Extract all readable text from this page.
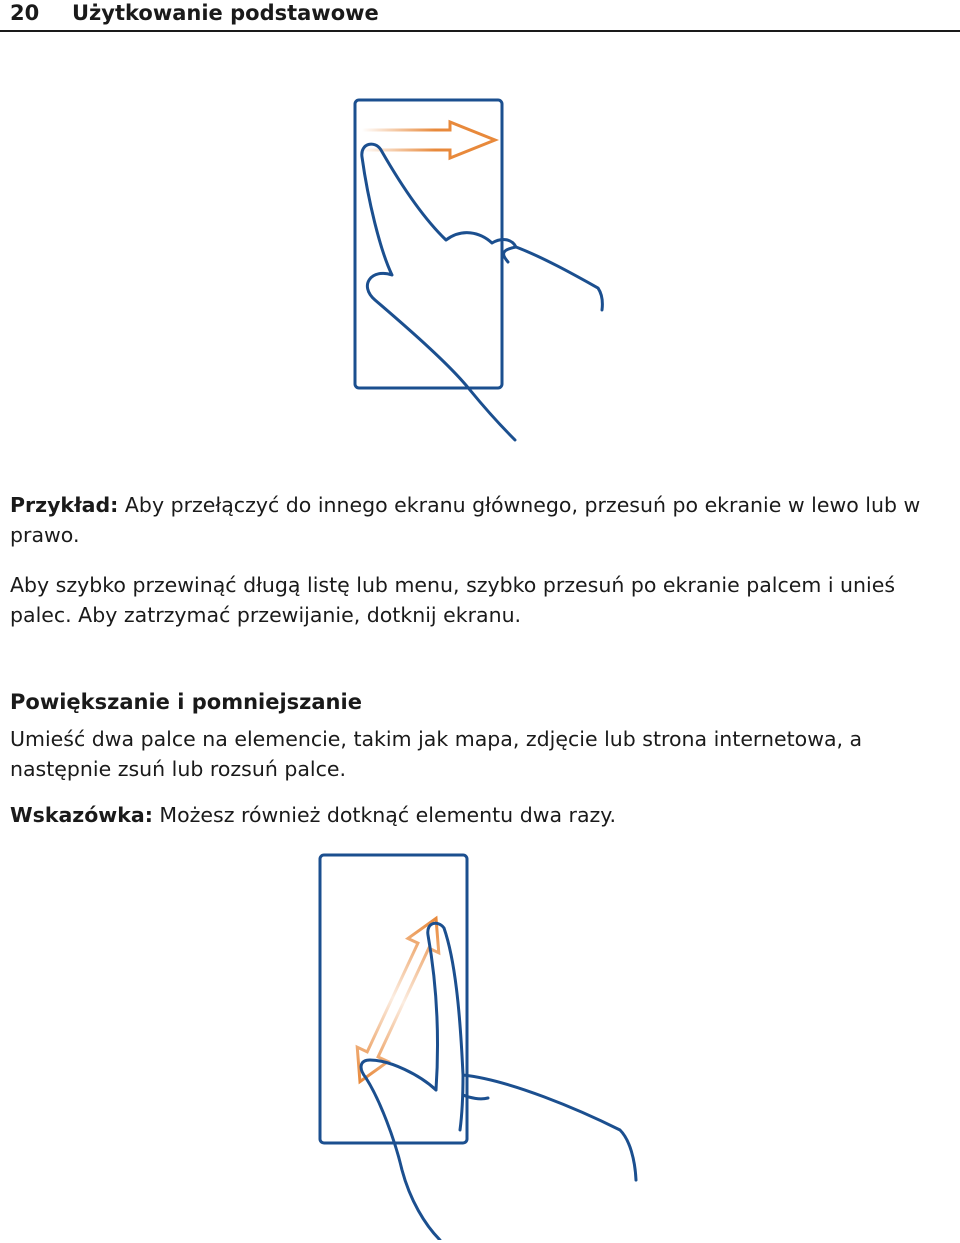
20 Użytkowanie podstawowe

Przykład: Aby przełączyć do innego ekranu głównego, przesuń po ekranie w lewo lub w prawo.

Aby szybko przewinąć długą listę lub menu, szybko przesuń po ekranie palcem i unieś palec. Aby zatrzymać przewijanie, dotknij ekranu.

Powiększanie i pomniejszanie

Umieść dwa palce na elemencie, takim jak mapa, zdjęcie lub strona internetowa, a następnie zsuń lub rozsuń palce.

Wskazówka: Możesz również dotknąć elementu dwa razy.
